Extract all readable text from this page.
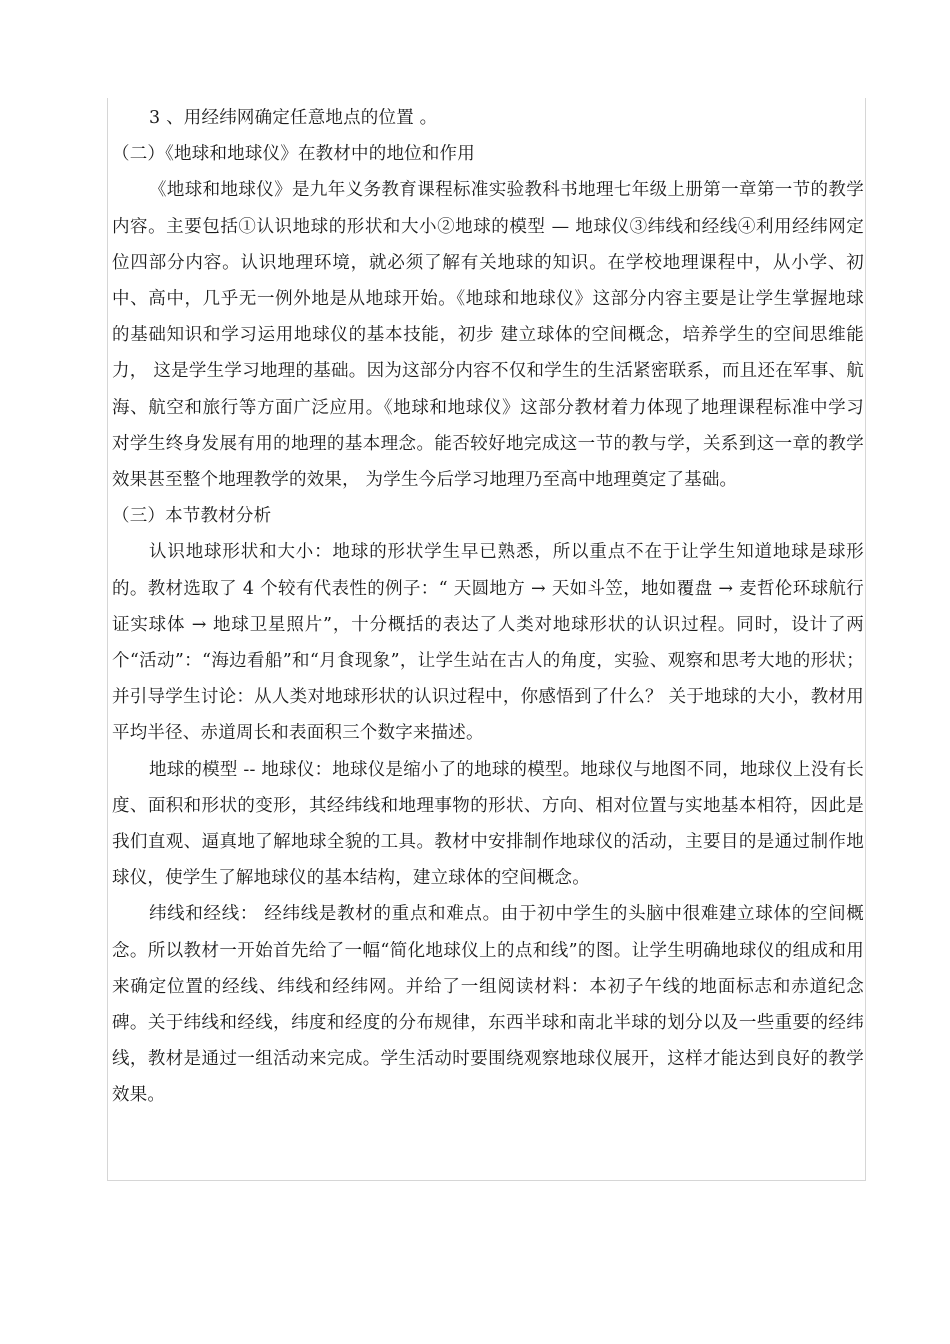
3 、用经纬网确定任意地点的位置 。

（二）《地球和地球仪》在教材中的地位和作用

《地球和地球仪》是九年义务教育课程标准实验教科书地理七年级上册第一章第一节的教学内容。主要包括①认识地球的形状和大小②地球的模型 — 地球仪③纬线和经线④利用经纬网定位四部分内容。认识地理环境，就必须了解有关地球的知识。在学校地理课程中，从小学、初中、高中，几乎无一例外地是从地球开始。《地球和地球仪》这部分内容主要是让学生掌握地球的基础知识和学习运用地球仪的基本技能，初步 建立球体的空间概念，培养学生的空间思维能力， 这是学生学习地理的基础。因为这部分内容不仅和学生的生活紧密联系，而且还在军事、航海、航空和旅行等方面广泛应用。《地球和地球仪》这部分教材着力体现了地理课程标准中学习对学生终身发展有用的地理的基本理念。能否较好地完成这一节的教与学，关系到这一章的教学效果甚至整个地理教学的效果， 为学生今后学习地理乃至高中地理奠定了基础。

（三）本节教材分析

认识地球形状和大小：地球的形状学生早已熟悉，所以重点不在于让学生知道地球是球形的。教材选取了 4 个较有代表性的例子：“ 天圆地方 → 天如斗笠，地如覆盘 → 麦哲伦环球航行证实球体 → 地球卫星照片”，十分概括的表达了人类对地球形状的认识过程。同时，设计了两个“活动”：“海边看船”和“月食现象”，让学生站在古人的角度，实验、观察和思考大地的形状；并引导学生讨论：从人类对地球形状的认识过程中，你感悟到了什么？ 关于地球的大小，教材用平均半径、赤道周长和表面积三个数字来描述。

地球的模型 -- 地球仪：地球仪是缩小了的地球的模型。地球仪与地图不同，地球仪上没有长度、面积和形状的变形，其经纬线和地理事物的形状、方向、相对位置与实地基本相符，因此是我们直观、逼真地了解地球全貌的工具。教材中安排制作地球仪的活动，主要目的是通过制作地球仪，使学生了解地球仪的基本结构，建立球体的空间概念。

纬线和经线： 经纬线是教材的重点和难点。由于初中学生的头脑中很难建立球体的空间概念。所以教材一开始首先给了一幅“简化地球仪上的点和线”的图。让学生明确地球仪的组成和用来确定位置的经线、纬线和经纬网。并给了一组阅读材料：本初子午线的地面标志和赤道纪念碑。关于纬线和经线，纬度和经度的分布规律，东西半球和南北半球的划分以及一些重要的经纬线，教材是通过一组活动来完成。学生活动时要围绕观察地球仪展开，这样才能达到良好的教学效果。
